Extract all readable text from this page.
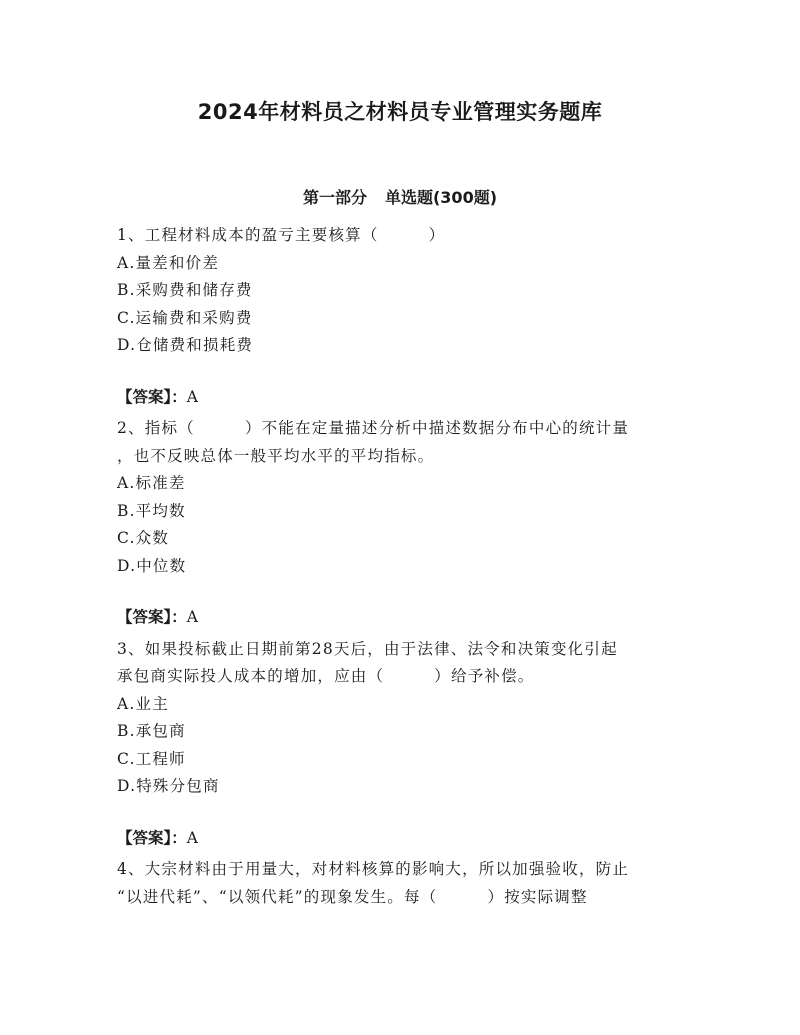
2024年材料员之材料员专业管理实务题库
第一部分 单选题(300题)
1、工程材料成本的盈亏主要核算（　　　）
A.量差和价差
B.采购费和储存费
C.运输费和采购费
D.仓储费和损耗费
【答案】：A
2、指标（　　　）不能在定量描述分析中描述数据分布中心的统计量
，也不反映总体一般平均水平的平均指标。
A.标准差
B.平均数
C.众数
D.中位数
【答案】：A
3、如果投标截止日期前第28天后，由于法律、法令和决策变化引起
承包商实际投人成本的增加，应由（　　　）给予补偿。
A.业主
B.承包商
C.工程师
D.特殊分包商
【答案】：A
4、大宗材料由于用量大，对材料核算的影响大，所以加强验收，防止
“以进代耗”、“以领代耗”的现象发生。每（　　　）按实际调整
